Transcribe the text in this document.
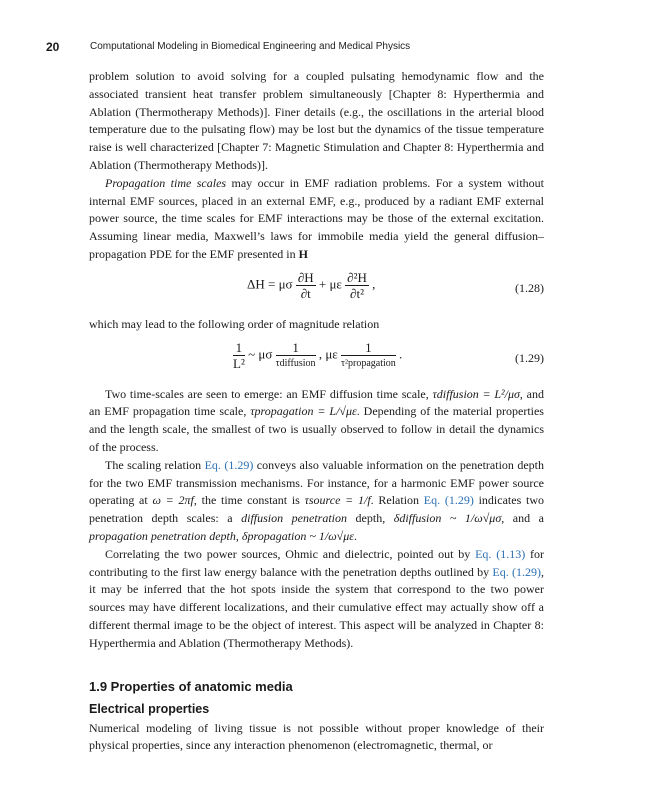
20	Computational Modeling in Biomedical Engineering and Medical Physics

problem solution to avoid solving for a coupled pulsating hemodynamic flow and the associated transient heat transfer problem simultaneously [Chapter 8: Hyperthermia and Ablation (Thermotherapy Methods)]. Finer details (e.g., the oscillations in the arterial blood temperature due to the pulsating flow) may be lost but the dynamics of the tissue temperature raise is well characterized [Chapter 7: Magnetic Stimulation and Chapter 8: Hyperthermia and Ablation (Thermotherapy Methods)].

Propagation time scales may occur in EMF radiation problems. For a system without internal EMF sources, placed in an external EMF, e.g., produced by a radiant EMF external power source, the time scales for EMF interactions may be those of the external excitation. Assuming linear media, Maxwell’s laws for immobile media yield the general diffusion–propagation PDE for the EMF presented in H

ΔH = μσ $\frac{\partial H}{\partial t} + \mu\varepsilon \frac{\text{∂²H}}{\text{∂t²}}$ ,	(1.28)

which may lead to the following order of magnitude relation

$\frac{1}{\text{L²}}$ ~ μσ $\frac{1}{\text{τdiffusion}}$ , με $\frac{1}{\text{τ²propagation}}$ .	(1.29)

Two time-scales are seen to emerge: an EMF diffusion time scale, τdiffusion = L²/μσ, and an EMF propagation time scale, τpropagation = L/√με. Depending of the material properties and the length scale, the smallest of two is usually observed to follow in detail the dynamics of the process.

The scaling relation Eq. (1.29) conveys also valuable information on the penetration depth for the two EMF transmission mechanisms. For instance, for a harmonic EMF power source operating at ω = 2πf, the time constant is τsource = 1/f. Relation Eq. (1.29) indicates two penetration depth scales: a diffusion penetration depth, δdiffusion ~ 1/ω√μσ, and a propagation penetration depth, δpropagation ~ 1/ω√με.

Correlating the two power sources, Ohmic and dielectric, pointed out by Eq. (1.13) for contributing to the first law energy balance with the penetration depths outlined by Eq. (1.29), it may be inferred that the hot spots inside the system that correspond to the two power sources may have different localizations, and their cumulative effect may actually show off a different thermal image to be the object of interest. This aspect will be analyzed in Chapter 8: Hyperthermia and Ablation (Thermotherapy Methods).

1.9 Properties of anatomic media
Electrical properties

Numerical modeling of living tissue is not possible without proper knowledge of their physical properties, since any interaction phenomenon (electromagnetic, thermal, or
